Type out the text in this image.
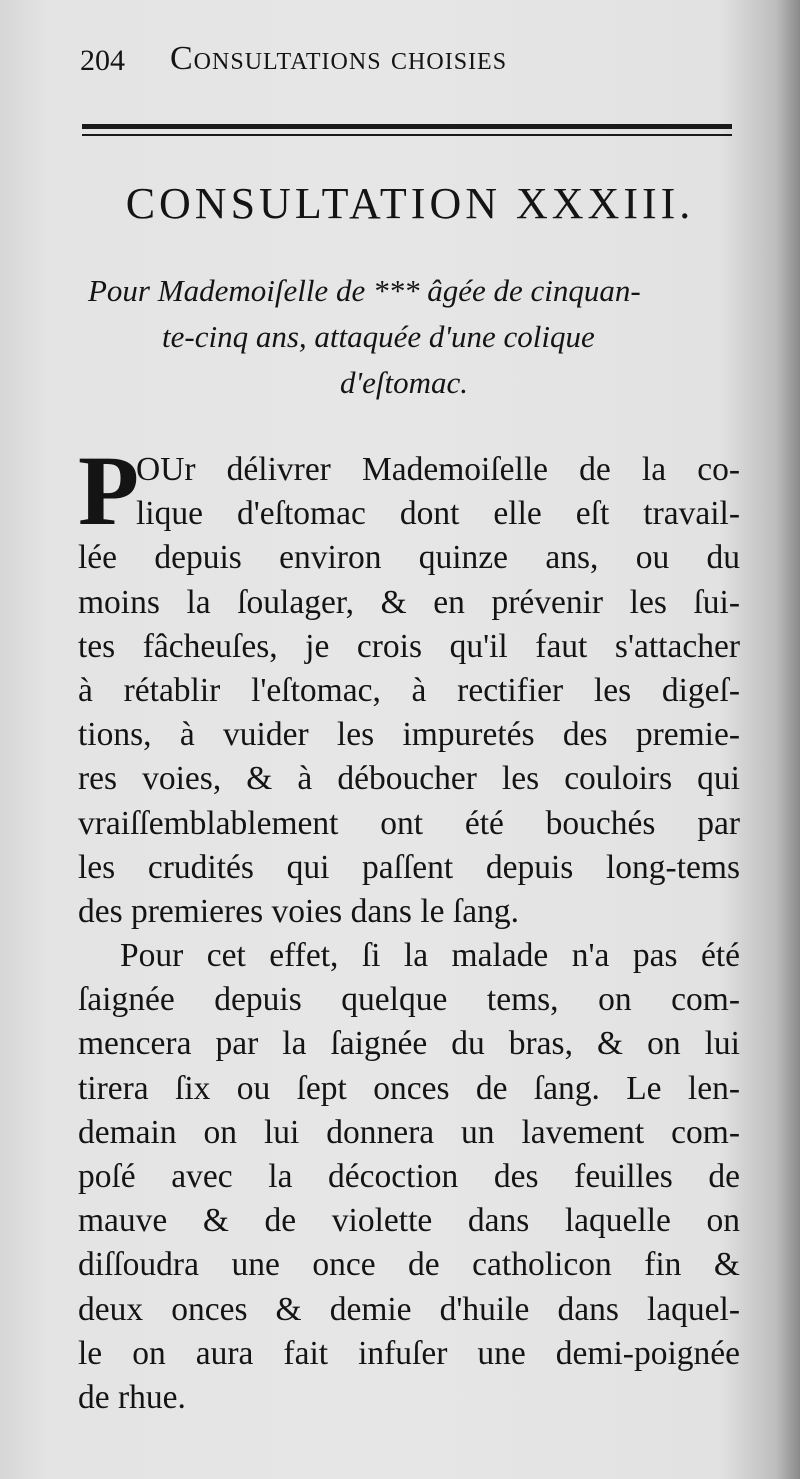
204 Consultations choisies
CONSULTATION XXXIII.
Pour Mademoiſelle de *** âgée de cinquan-
te-cinq ans, attaquée d'une colique
d'eſtomac.
P
OUr délivrer Mademoiſelle de la co-
lique d'eſtomac dont elle eſt travail-
lée depuis environ quinze ans, ou du
moins la ſoulager, & en prévenir les ſui-
tes fâcheuſes, je crois qu'il faut s'attacher
à rétablir l'eſtomac, à rectifier les digeſ-
tions, à vuider les impuretés des premie-
res voies, & à déboucher les couloirs qui
vraiſſemblablement ont été bouchés par
les crudités qui paſſent depuis long-tems
des premieres voies dans le ſang.
Pour cet effet, ſi la malade n'a pas été
ſaignée depuis quelque tems, on com-
mencera par la ſaignée du bras, & on lui
tirera ſix ou ſept onces de ſang. Le len-
demain on lui donnera un lavement com-
poſé avec la décoction des feuilles de
mauve & de violette dans laquelle on
diſſoudra une once de catholicon fin &
deux onces & demie d'huile dans laquel-
le on aura fait infuſer une demi-poignée
de rhue.
